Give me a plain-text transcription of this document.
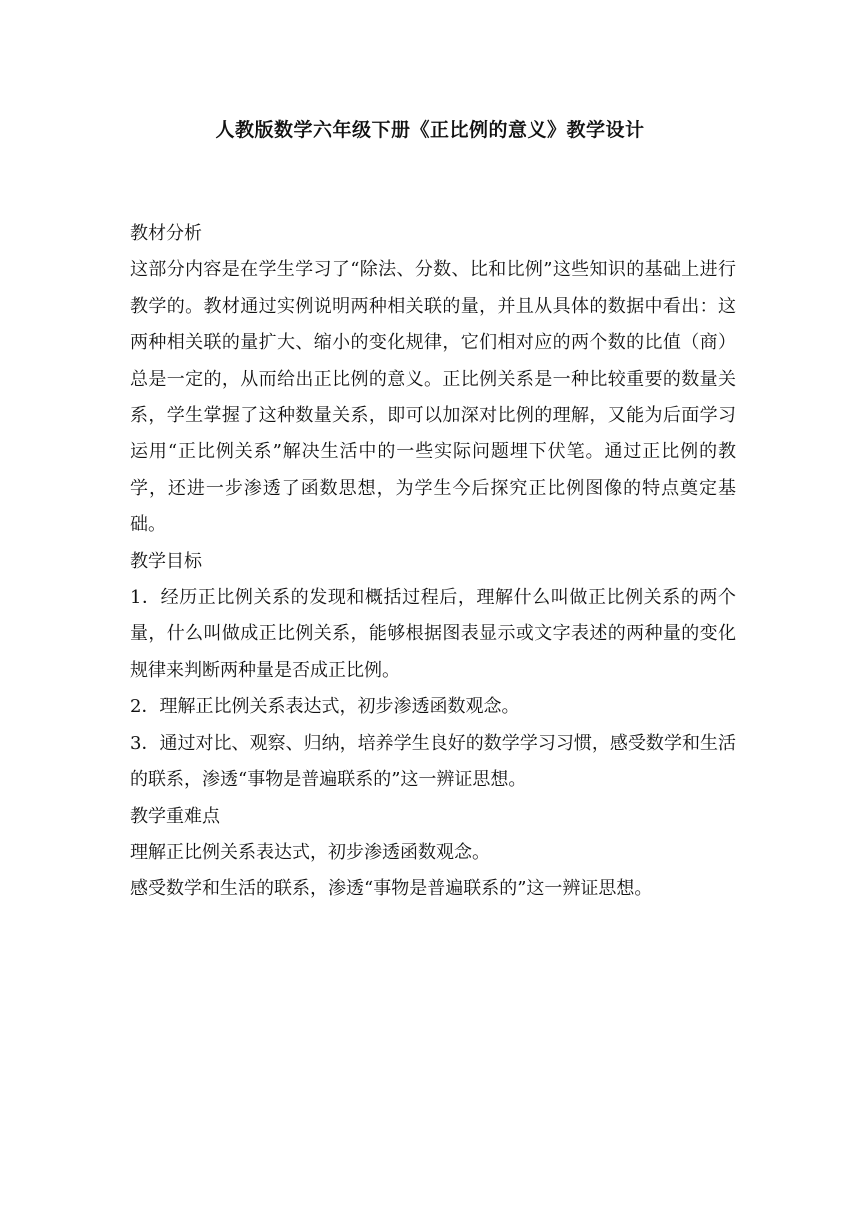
人教版数学六年级下册《正比例的意义》教学设计

教材分析

这部分内容是在学生学习了“除法、分数、比和比例”这些知识的基础上进行教学的。教材通过实例说明两种相关联的量，并且从具体的数据中看出：这两种相关联的量扩大、缩小的变化规律，它们相对应的两个数的比值（商）总是一定的，从而给出正比例的意义。正比例关系是一种比较重要的数量关系，学生掌握了这种数量关系，即可以加深对比例的理解，又能为后面学习运用“正比例关系”解决生活中的一些实际问题埋下伏笔。通过正比例的教学，还进一步渗透了函数思想，为学生今后探究正比例图像的特点奠定基础。

教学目标

1．经历正比例关系的发现和概括过程后，理解什么叫做正比例关系的两个量，什么叫做成正比例关系，能够根据图表显示或文字表述的两种量的变化规律来判断两种量是否成正比例。

2．理解正比例关系表达式，初步渗透函数观念。

3．通过对比、观察、归纳，培养学生良好的数学学习习惯，感受数学和生活的联系，渗透“事物是普遍联系的”这一辨证思想。

教学重难点

理解正比例关系表达式，初步渗透函数观念。

感受数学和生活的联系，渗透“事物是普遍联系的”这一辨证思想。
